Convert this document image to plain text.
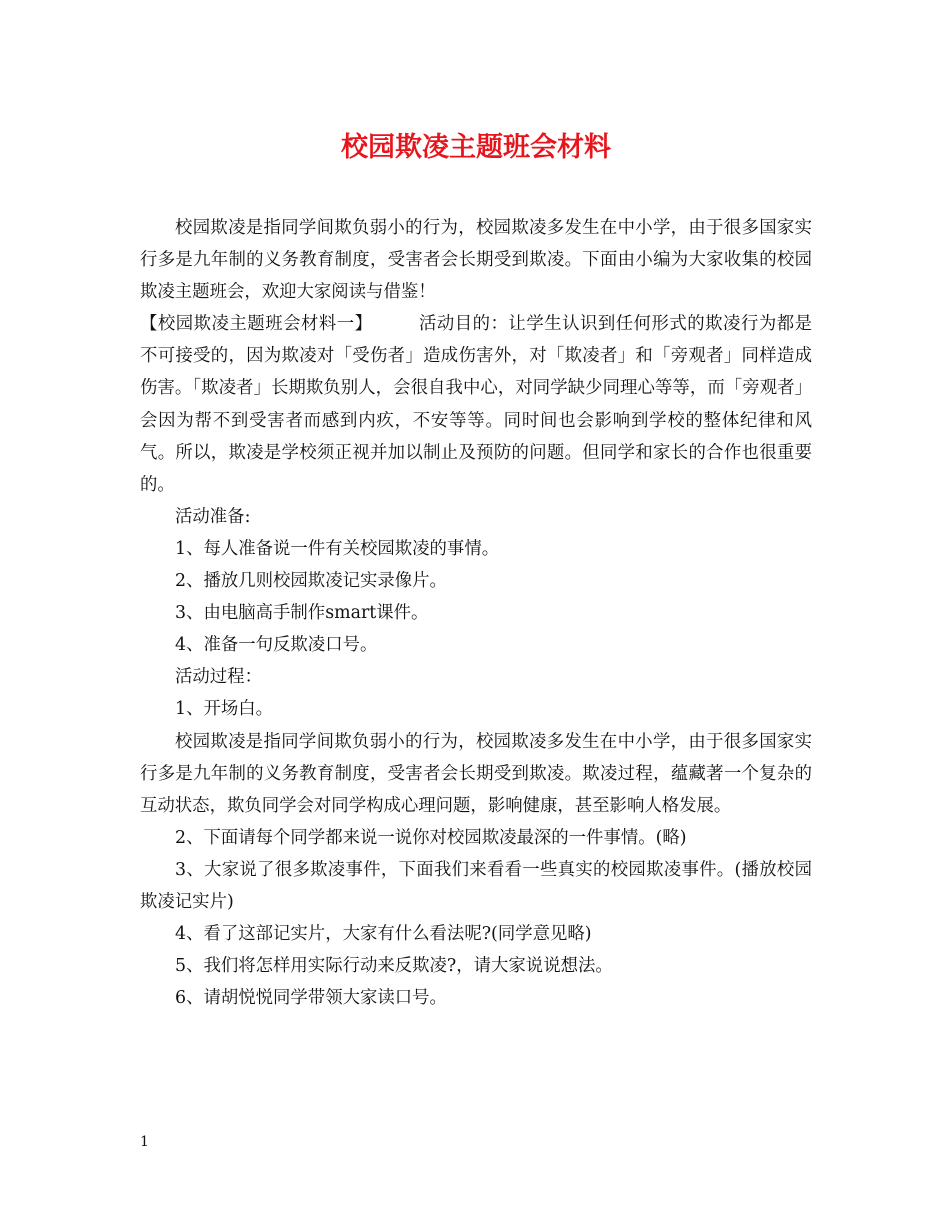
校园欺凌主题班会材料

校园欺凌是指同学间欺负弱小的行为，校园欺凌多发生在中小学，由于很多国家实行多是九年制的义务教育制度，受害者会长期受到欺凌。下面由小编为大家收集的校园欺凌主题班会，欢迎大家阅读与借鉴！

【校园欺凌主题班会材料一】	活动目的：让学生认识到任何形式的欺凌行为都是不可接受的，因为欺凌对「受伤者」造成伤害外，对「欺凌者」和「旁观者」同样造成伤害。「欺凌者」长期欺负别人，会很自我中心，对同学缺少同理心等等，而「旁观者」会因为帮不到受害者而感到内疚，不安等等。同时间也会影响到学校的整体纪律和风气。所以，欺凌是学校须正视并加以制止及预防的问题。但同学和家长的合作也很重要的。

活动准备:

1、每人准备说一件有关校园欺凌的事情。

2、播放几则校园欺凌记实录像片。

3、由电脑高手制作smart课件。

4、准备一句反欺凌口号。

活动过程：

1、开场白。

校园欺凌是指同学间欺负弱小的行为，校园欺凌多发生在中小学，由于很多国家实行多是九年制的义务教育制度，受害者会长期受到欺凌。欺凌过程，蕴藏著一个复杂的互动状态，欺负同学会对同学构成心理问题，影响健康，甚至影响人格发展。

2、下面请每个同学都来说一说你对校园欺凌最深的一件事情。(略)

3、大家说了很多欺凌事件，下面我们来看看一些真实的校园欺凌事件。(播放校园欺凌记实片)

4、看了这部记实片，大家有什么看法呢?(同学意见略)

5、我们将怎样用实际行动来反欺凌?，请大家说说想法。

6、请胡悦悦同学带领大家读口号。

1
